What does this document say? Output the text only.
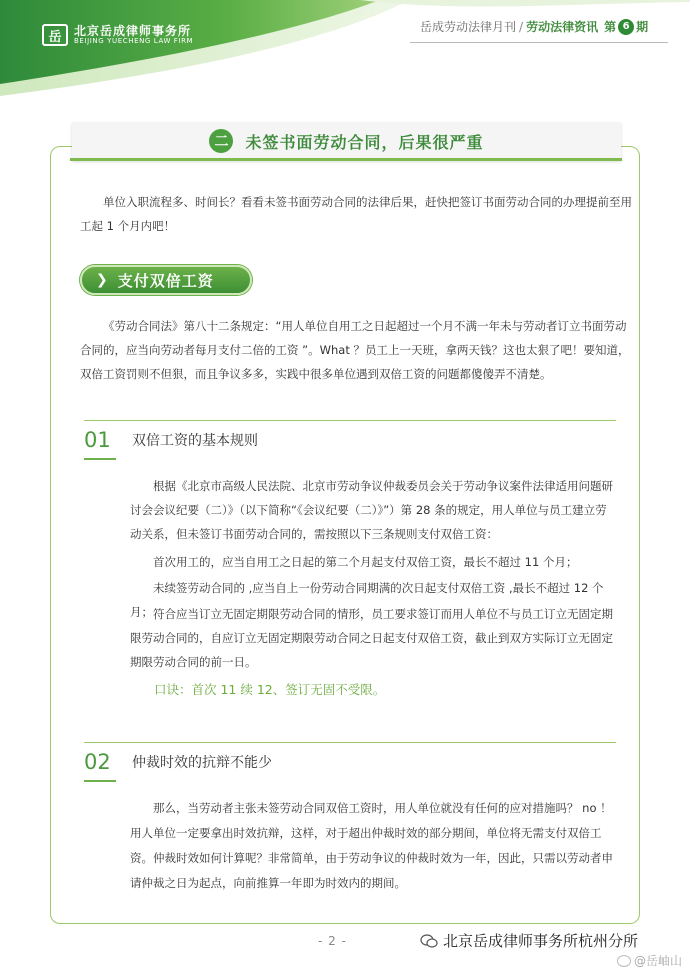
岳	北京岳成律师事务所
BEIJING YUECHENG LAW FIRM
岳成劳动法律月刊 / 劳动法律资讯 第 6 期
二	未签书面劳动合同，后果很严重

单位入职流程多、时间长？看看未签书面劳动合同的法律后果，赶快把签订书面劳动合同的办理提前至用工起 1 个月内吧！

❯ 支付双倍工资

《劳动合同法》第八十二条规定：“用人单位自用工之日起超过一个月不满一年未与劳动者订立书面劳动合同的，应当向劳动者每月支付二倍的工资 ”。What ？员工上一天班，拿两天钱？这也太狠了吧！要知道，双倍工资罚则不但狠，而且争议多多，实践中很多单位遇到双倍工资的问题都傻傻弄不清楚。

01 双倍工资的基本规则

根据《北京市高级人民法院、北京市劳动争议仲裁委员会关于劳动争议案件法律适用问题研讨会会议纪要（二）》（以下简称“《会议纪要（二）》”）第 28 条的规定，用人单位与员工建立劳动关系，但未签订书面劳动合同的，需按照以下三条规则支付双倍工资：

首次用工的，应当自用工之日起的第二个月起支付双倍工资，最长不超过 11 个月；

未续签劳动合同的 ,应当自上一份劳动合同期满的次日起支付双倍工资 ,最长不超过 12 个月； 符合应当订立无固定期限劳动合同的情形，员工要求签订而用人单位不与员工订立无固定期限劳动合同的，自应订立无固定期限劳动合同之日起支付双倍工资，截止到双方实际订立无固定期限劳动合同的前一日。

口诀：首次 11 续 12、签订无固不受限。

02 仲裁时效的抗辩不能少

那么，当劳动者主张未签劳动合同双倍工资时，用人单位就没有任何的应对措施吗？ no ！用人单位一定要拿出时效抗辩，这样，对于超出仲裁时效的部分期间，单位将无需支付双倍工资。仲裁时效如何计算呢？非常简单，由于劳动争议的仲裁时效为一年，因此，只需以劳动者申请仲裁之日为起点，向前推算一年即为时效内的期间。

- 2 -	北京岳成律师事务所杭州分所
@岳岫山
